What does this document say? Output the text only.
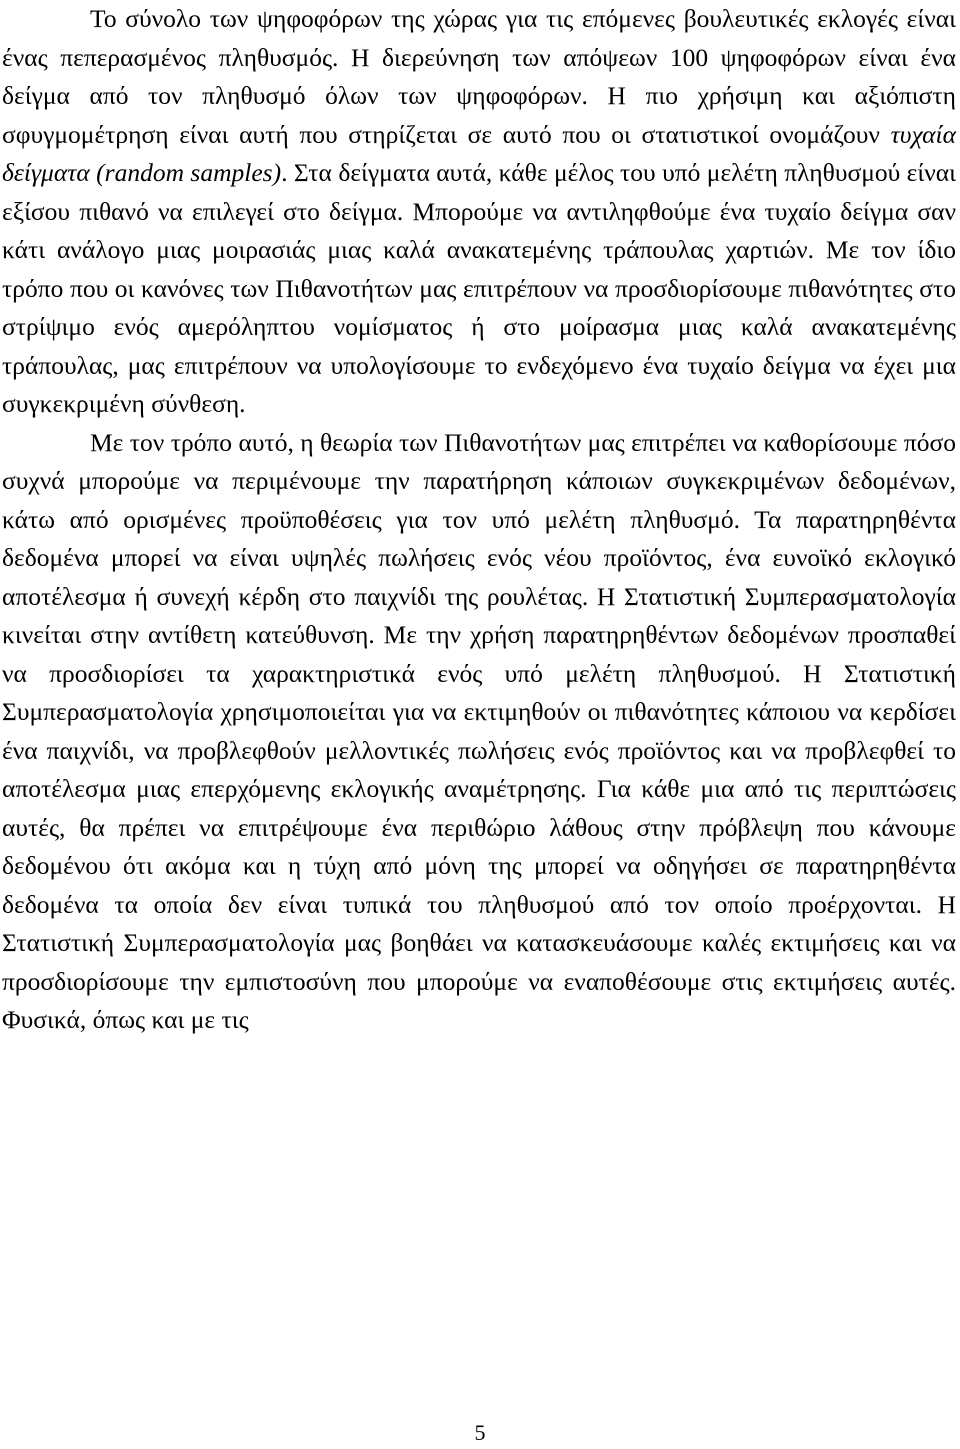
Το σύνολο των ψηφοφόρων της χώρας για τις επόμενες βουλευτικές εκλογές είναι ένας πεπερασμένος πληθυσμός. Η διερεύνηση των απόψεων 100 ψηφοφόρων είναι ένα δείγμα από τον πληθυσμό όλων των ψηφοφόρων. Η πιο χρήσιμη και αξιόπιστη σφυγμομέτρηση είναι αυτή που στηρίζεται σε αυτό που οι στατιστικοί ονομάζουν τυχαία δείγματα (random samples). Στα δείγματα αυτά, κάθε μέλος του υπό μελέτη πληθυσμού είναι εξίσου πιθανό να επιλεγεί στο δείγμα. Μπορούμε να αντιληφθούμε ένα τυχαίο δείγμα σαν κάτι ανάλογο μιας μοιρασιάς μιας καλά ανακατεμένης τράπουλας χαρτιών. Με τον ίδιο τρόπο που οι κανόνες των Πιθανοτήτων μας επιτρέπουν να προσδιορίσουμε πιθανότητες στο στρίψιμο ενός αμερόληπτου νομίσματος ή στο μοίρασμα μιας καλά ανακατεμένης τράπουλας, μας επιτρέπουν να υπολογίσουμε το ενδεχόμενο ένα τυχαίο δείγμα να έχει μια συγκεκριμένη σύνθεση.

Με τον τρόπο αυτό, η θεωρία των Πιθανοτήτων μας επιτρέπει να καθορίσουμε πόσο συχνά μπορούμε να περιμένουμε την παρατήρηση κάποιων συγκεκριμένων δεδομένων, κάτω από ορισμένες προϋποθέσεις για τον υπό μελέτη πληθυσμό. Τα παρατηρηθέντα δεδομένα μπορεί να είναι υψηλές πωλήσεις ενός νέου προϊόντος, ένα ευνοϊκό εκλογικό αποτέλεσμα ή συνεχή κέρδη στο παιχνίδι της ρουλέτας. Η Στατιστική Συμπερασματολογία κινείται στην αντίθετη κατεύθυνση. Με την χρήση παρατηρηθέντων δεδομένων προσπαθεί να προσδιορίσει τα χαρακτηριστικά ενός υπό μελέτη πληθυσμού. Η Στατιστική Συμπερασματολογία χρησιμοποιείται για να εκτιμηθούν οι πιθανότητες κάποιου να κερδίσει ένα παιχνίδι, να προβλεφθούν μελλοντικές πωλήσεις ενός προϊόντος και να προβλεφθεί το αποτέλεσμα μιας επερχόμενης εκλογικής αναμέτρησης. Για κάθε μια από τις περιπτώσεις αυτές, θα πρέπει να επιτρέψουμε ένα περιθώριο λάθους στην πρόβλεψη που κάνουμε δεδομένου ότι ακόμα και η τύχη από μόνη της μπορεί να οδηγήσει σε παρατηρηθέντα δεδομένα τα οποία δεν είναι τυπικά του πληθυσμού από τον οποίο προέρχονται. Η Στατιστική Συμπερασματολογία μας βοηθάει να κατασκευάσουμε καλές εκτιμήσεις και να προσδιορίσουμε την εμπιστοσύνη που μπορούμε να εναποθέσουμε στις εκτιμήσεις αυτές. Φυσικά, όπως και με τις

5
